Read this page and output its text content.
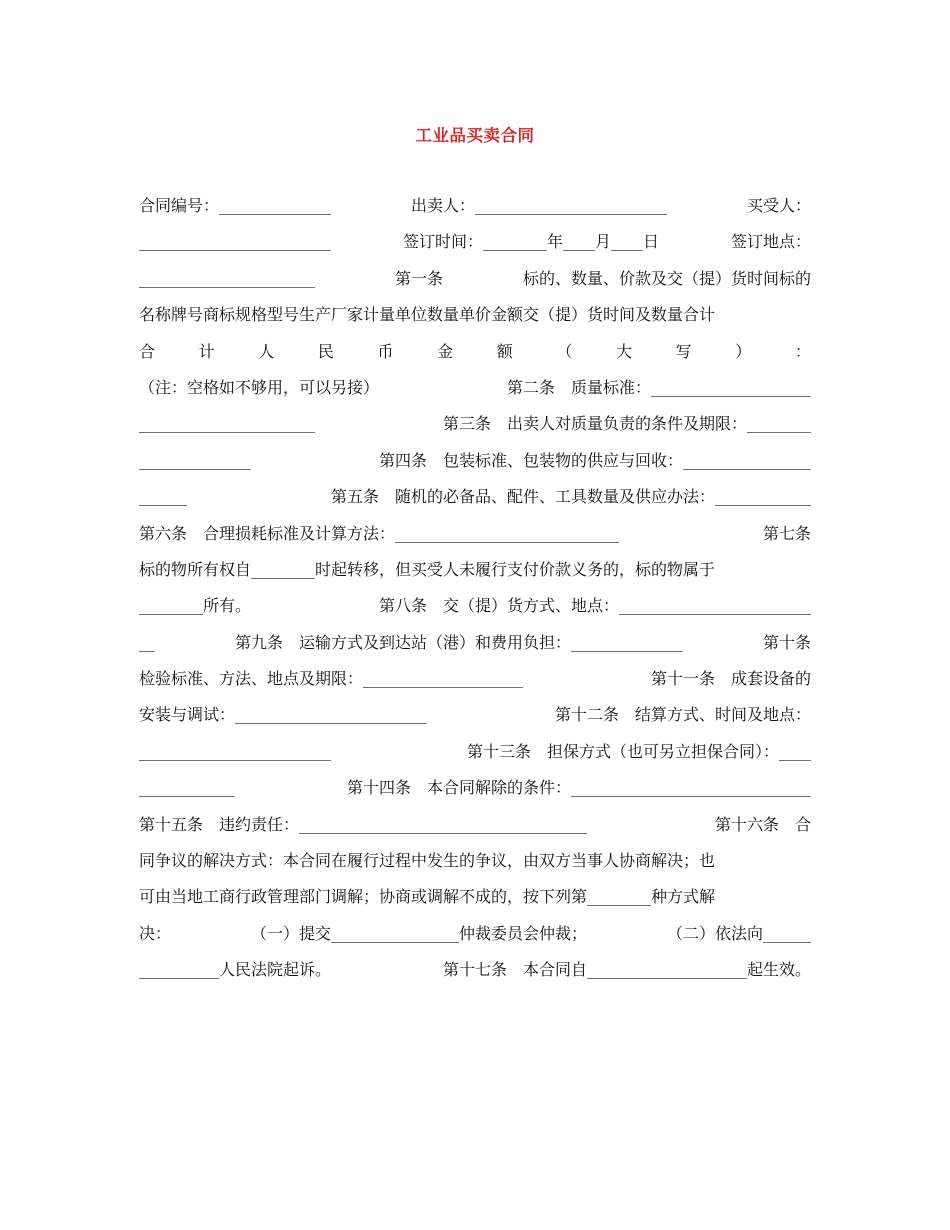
工业品买卖合同
合同编号：______________	出卖人：________________________	买受人：
________________________	签订时间：________年____月____日	签订地点：
______________________	第一条	标的、数量、价款及交（提）货时间标的
名称牌号商标规格型号生产厂家计量单位数量单价金额交（提）货时间及数量合计
合	计	人	民	币	金	额	（	大	写	）	：
（注：空格如不够用，可以另接）	第二条　质量标准：____________________
______________________	第三条　出卖人对质量负责的条件及期限：________
______________	第四条　包装标准、包装物的供应与回收：________________
______	第五条　随机的必备品、配件、工具数量及供应办法：____________
第六条　合理损耗标准及计算方法：____________________________	第七条
标的物所有权自________时起转移，但买受人未履行支付价款义务的，标的物属于
________所有。	第八条　交（提）货方式、地点：________________________
__	第九条　运输方式及到达站（港）和费用负担：______________	第十条
检验标准、方法、地点及期限：____________________	第十一条　成套设备的
安装与调试：________________________	第十二条　结算方式、时间及地点：
________________________	第十三条　担保方式（也可另立担保合同）：____
____________	第十四条　本合同解除的条件：______________________________
第十五条　违约责任：____________________________________	第十六条　合
同争议的解决方式：本合同在履行过程中发生的争议，由双方当事人协商解决；也
可由当地工商行政管理部门调解；协商或调解不成的，按下列第________种方式解
决：	（一）提交________________仲裁委员会仲裁；	（二）依法向______
__________人民法院起诉。	第十七条　本合同自____________________起生效。
